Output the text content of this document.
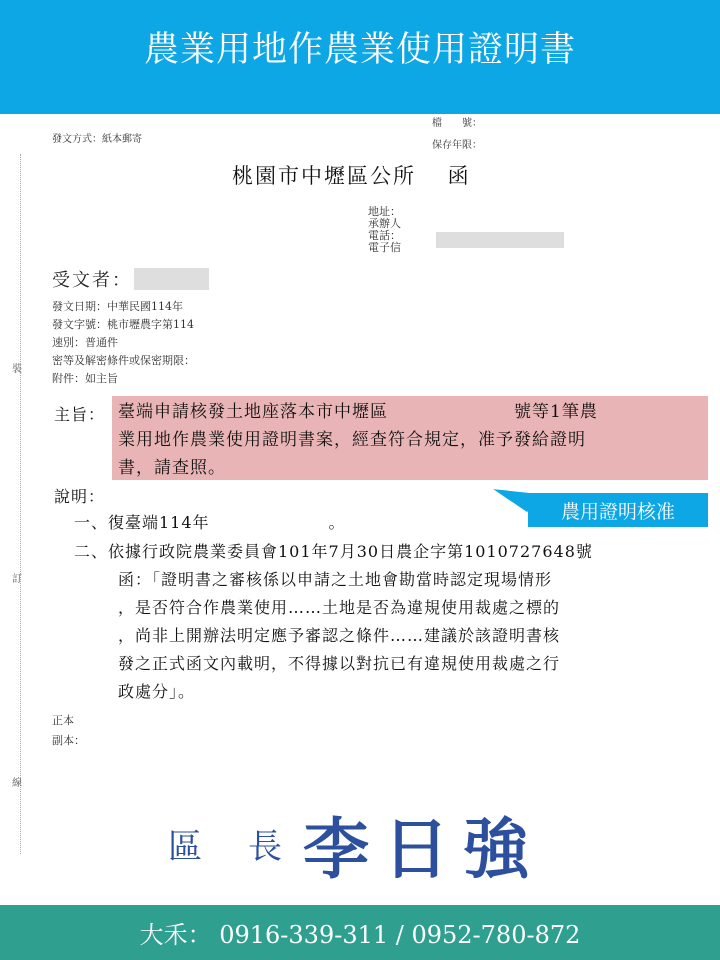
農業用地作農業使用證明書
裝
訂
線
發文方式：紙本郵寄
檔　　號：
保存年限：
桃園市中壢區公所　 函
地址：
承辦人
電話：
電子信
受文者：
發文日期：中華民國114年
發文字號：桃市壢農字第114
速別：普通件
密等及解密條件或保密期限：
附件：如主旨
主旨： 臺端申請核發土地座落本市中壢區　　　　　　　號等1筆農
業用地作農業使用證明書案，經查符合規定，准予發給證明
書，請查照。
農用證明核准
說明：
一、復臺端114年　　　　　　　。
二、依據行政院農業委員會101年7月30日農企字第1010727648號
函：「證明書之審核係以申請之土地會勘當時認定現場情形
，是否符合作農業使用……土地是否為違規使用裁處之標的
，尚非上開辦法明定應予審認之條件……建議於該證明書核
發之正式函文內載明，不得據以對抗已有違規使用裁處之行
政處分」。
正本
副本：
區　長 李日強
大禾： 0916-339-311 / 0952-780-872
